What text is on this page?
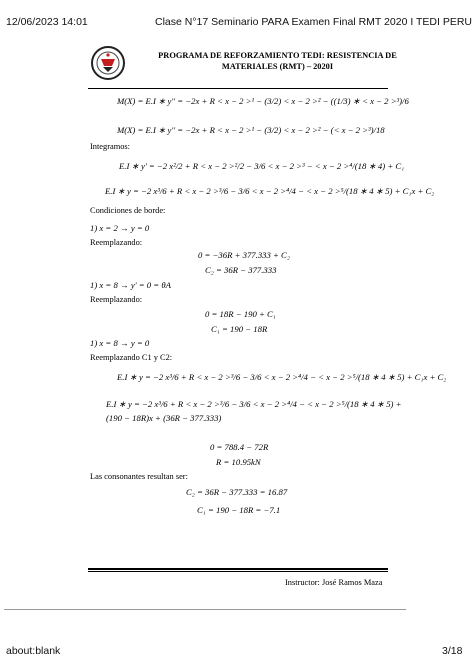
12/06/2023 14:01	Clase N°17 Seminario PARA Examen Final RMT 2020 I TEDI PERU
PROGRAMA DE REFORZAMIENTO TEDI: RESISTENCIA DE
MATERIALES (RMT) – 2020I
M(X) = E.I ∗ y'' = −2x + R < x − 2 >¹ − (3/2) < x − 2 >² − ((1/3) ∗ < x − 2 >³)/6
M(X) = E.I ∗ y'' = −2x + R < x − 2 >¹ − (3/2) < x − 2 >² − (< x − 2 >³)/18
Integramos:
E.I ∗ y' = −2 x²/2 + R < x − 2 >²/2 − 3/6 < x − 2 >³ − < x − 2 >⁴/(18 ∗ 4) + C₁
E.I ∗ y = −2 x³/6 + R < x − 2 >³/6 − 3/6 < x − 2 >⁴/4 − < x − 2 >⁵/(18 ∗ 4 ∗ 5) + C₁x + C₂
Condiciones de borde:
1) x = 2 → y = 0
Reemplazando:
0 = −36R + 377.333 + C₂
C₂ = 36R − 377.333
1) x = 8 → y' = 0 = θA
Reemplazando:
0 = 18R − 190 + C₁
C₁ = 190 − 18R
1) x = 8 → y = 0
Reemplazando C1 y C2:
E.I ∗ y = −2 x³/6 + R < x − 2 >³/6 − 3/6 < x − 2 >⁴/4 − < x − 2 >⁵/(18 ∗ 4 ∗ 5) + C₁x + C₂
E.I ∗ y = −2 x³/6 + R < x − 2 >³/6 − 3/6 < x − 2 >⁴/4 − < x − 2 >⁵/(18 ∗ 4 ∗ 5) + (190 − 18R)x + (36R − 377.333)
0 = 788.4 − 72R
R = 10.95kN
Las consonantes resultan ser:
C₂ = 36R − 377.333 = 16.87
C₁ = 190 − 18R = −7.1
Instructor: José Ramos Maza
about:blank	3/18
